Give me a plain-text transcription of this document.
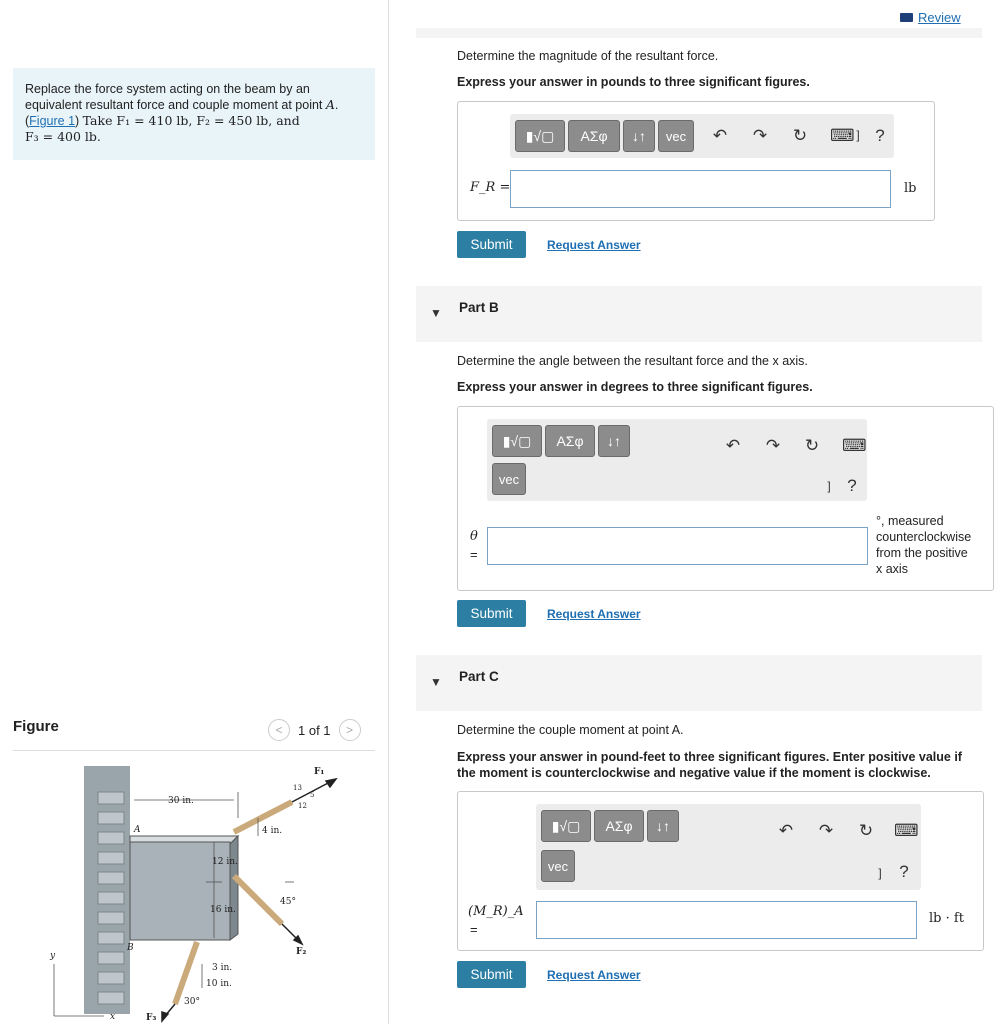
Replace the force system acting on the beam by an
equivalent resultant force and couple moment at point A.
(Figure 1) Take F₁ = 410 lb, F₂ = 450 lb, and
F₃ = 400 lb.
Figure	<	1 of 1	>
30 in.
4 in.
12 in.
16 in.
3 in.
10 in.
45°
30°
13
5
12
F₁
F₂
F₃
A
B
x
y
Review
Determine the magnitude of the resultant force.
Express your answer in pounds to three significant figures.
▮√▢	ΑΣφ	↓↑	vec	↶ ↷ ↻ ⌨ ] ?
F_R =	lb
Submit	Request Answer
▼ Part B
Determine the angle between the resultant force and the x axis.
Express your answer in degrees to three significant figures.
▮√▢	ΑΣφ	↓↑
vec
↶ ↷ ↻ ⌨
] ?
θ
=
°, measured
counterclockwise
from the positive
x axis
Submit	Request Answer
▼ Part C
Determine the couple moment at point A.
Express your answer in pound-feet to three significant figures. Enter positive value if the moment is counterclockwise and negative value if the moment is clockwise.
▮√▢	ΑΣφ	↓↑
vec
↶ ↷ ↻ ⌨
]	?
(M_R)_A
=
lb · ft
Submit	Request Answer
